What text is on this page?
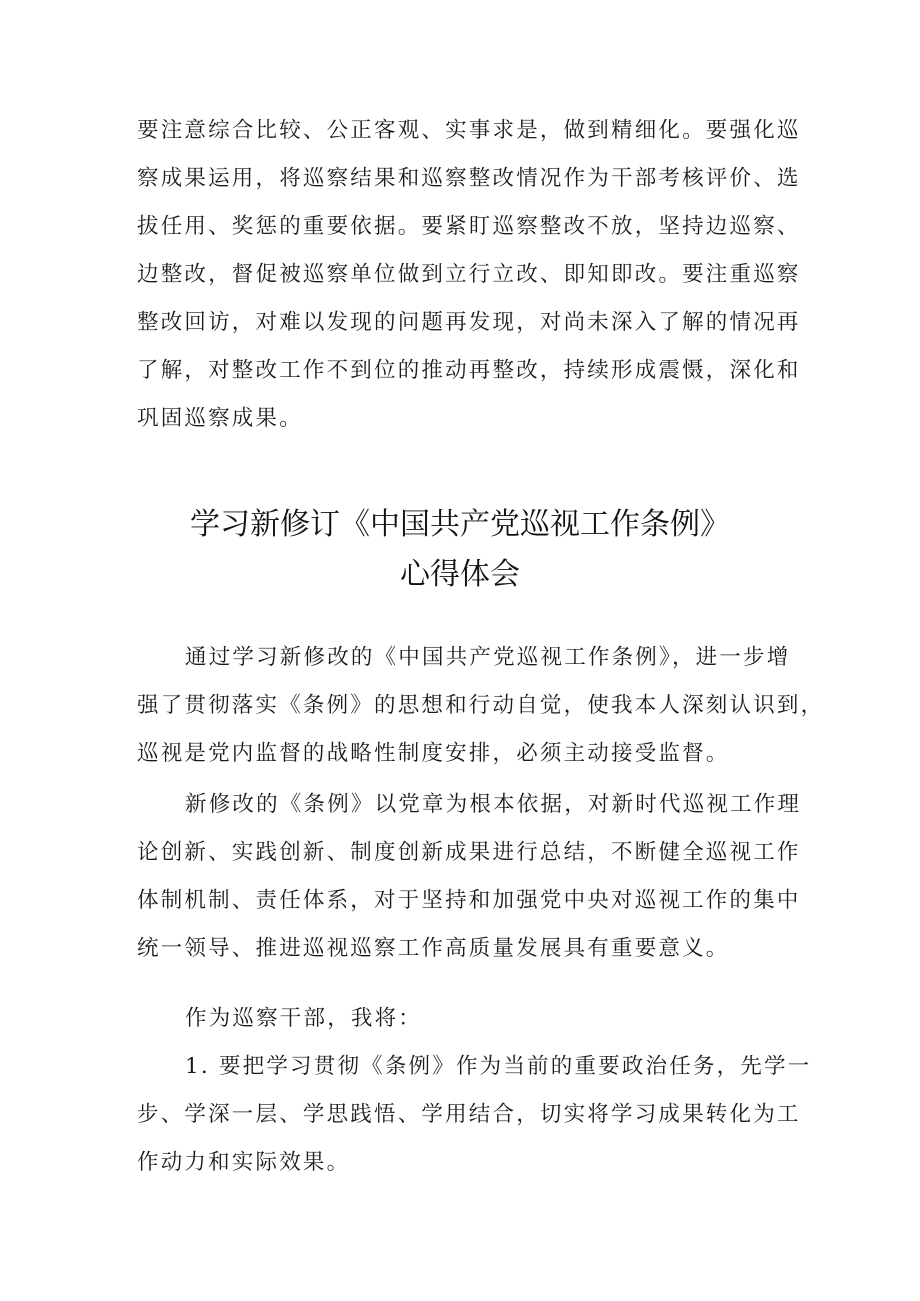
要注意综合比较、公正客观、实事求是，做到精细化。要强化巡
察成果运用，将巡察结果和巡察整改情况作为干部考核评价、选
拔任用、奖惩的重要依据。要紧盯巡察整改不放，坚持边巡察、
边整改，督促被巡察单位做到立行立改、即知即改。要注重巡察
整改回访，对难以发现的问题再发现，对尚未深入了解的情况再
了解，对整改工作不到位的推动再整改，持续形成震慑，深化和
巩固巡察成果。
学习新修订《中国共产党巡视工作条例》
心得体会
通过学习新修改的《中国共产党巡视工作条例》，进一步增
强了贯彻落实《条例》的思想和行动自觉，使我本人深刻认识到，
巡视是党内监督的战略性制度安排，必须主动接受监督。
新修改的《条例》以党章为根本依据，对新时代巡视工作理
论创新、实践创新、制度创新成果进行总结，不断健全巡视工作
体制机制、责任体系，对于坚持和加强党中央对巡视工作的集中
统一领导、推进巡视巡察工作高质量发展具有重要意义。
作为巡察干部，我将：
1. 要把学习贯彻《条例》作为当前的重要政治任务，先学一
步、学深一层、学思践悟、学用结合，切实将学习成果转化为工
作动力和实际效果。
